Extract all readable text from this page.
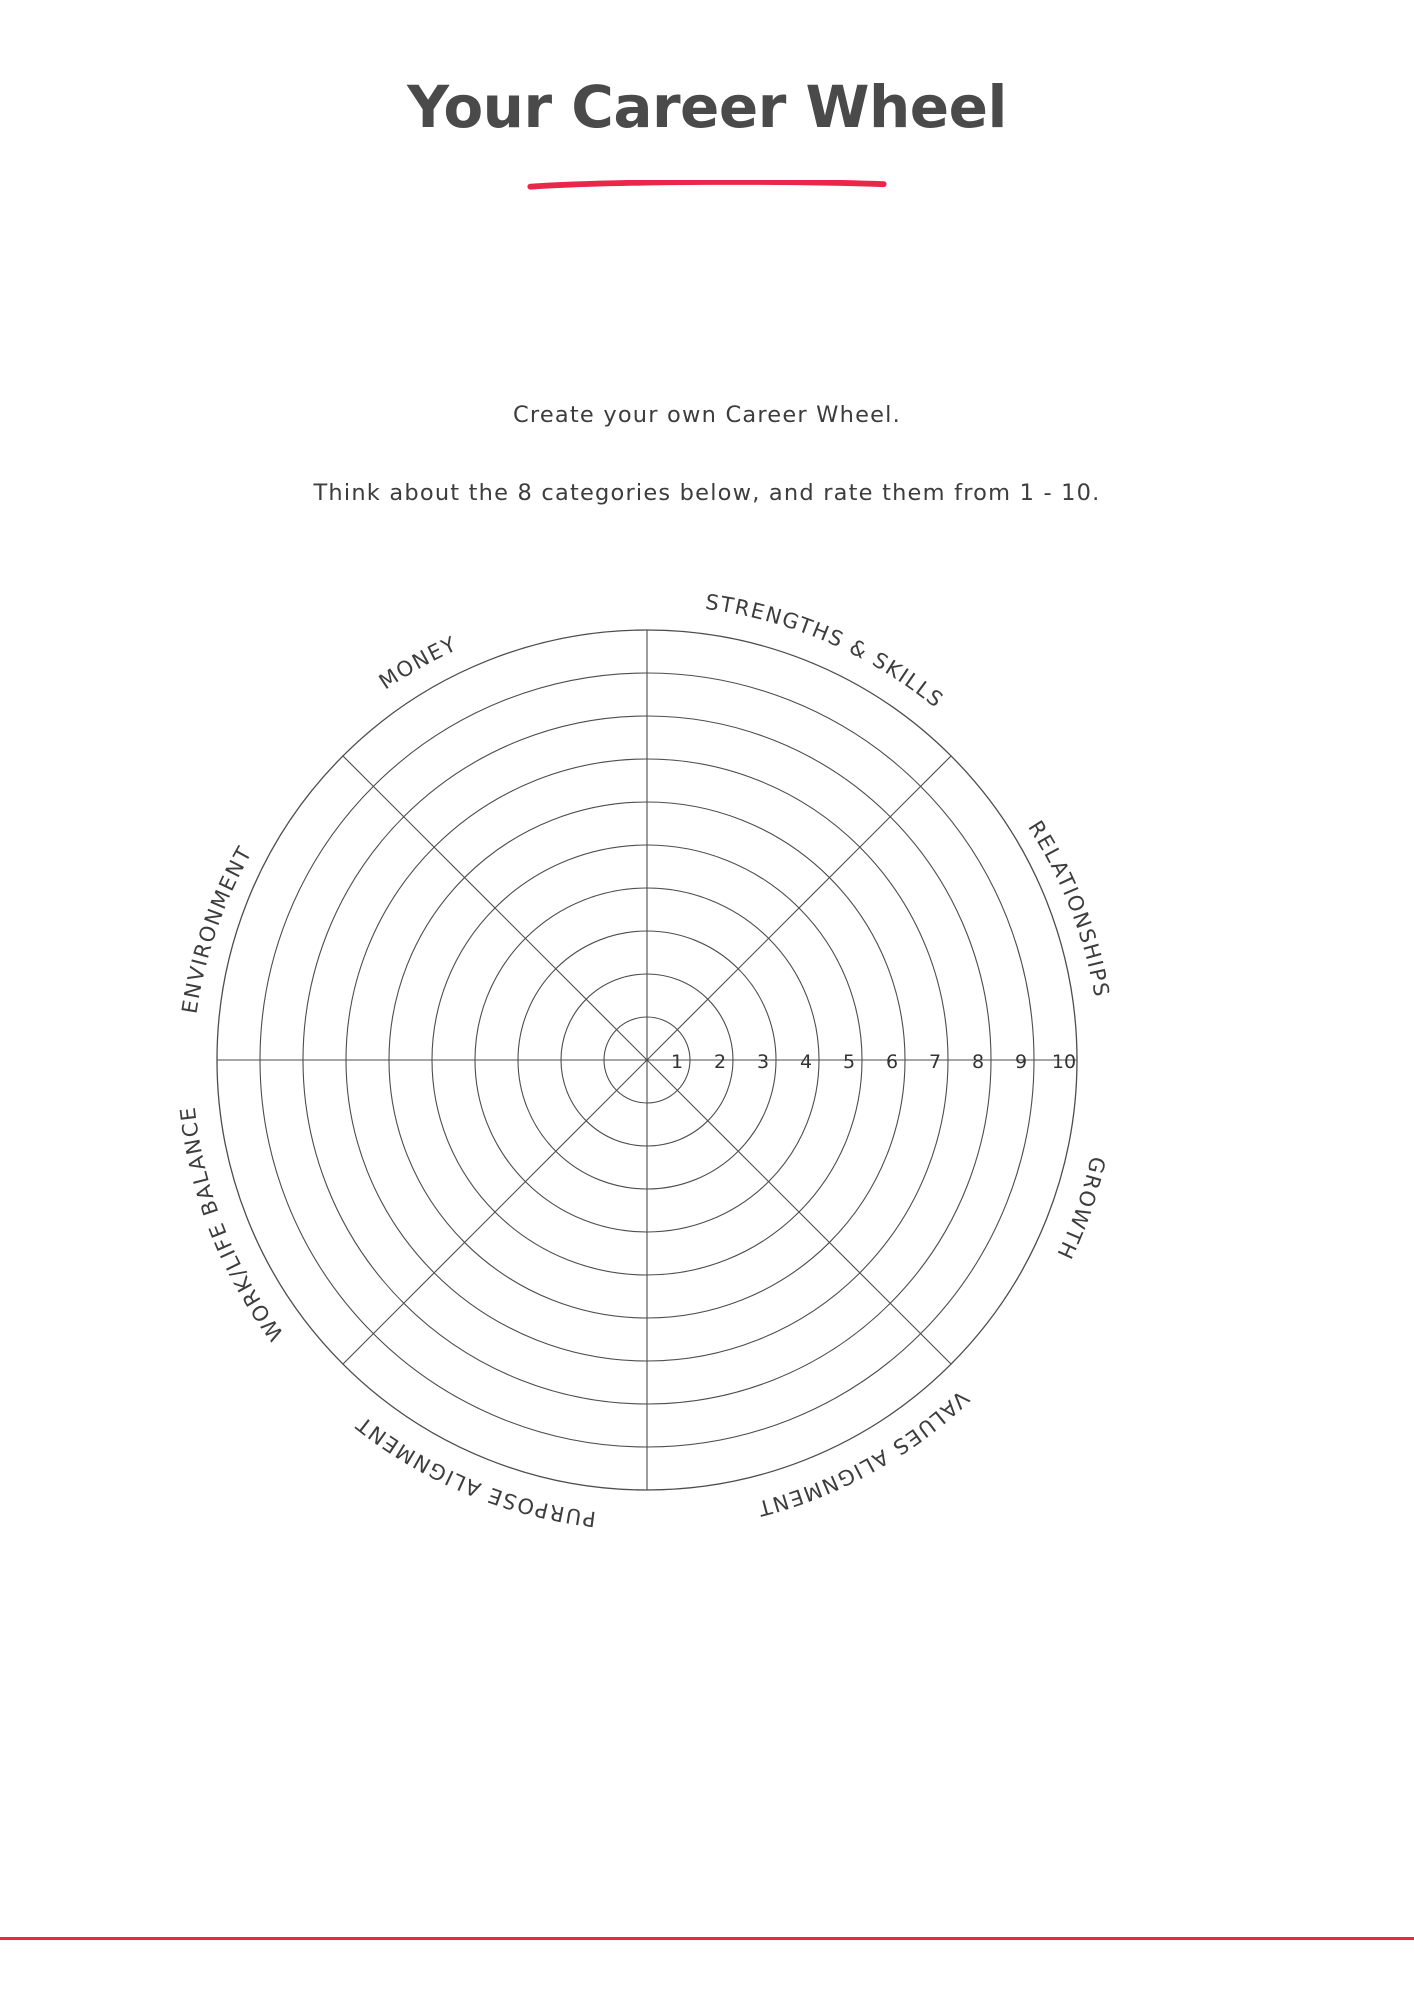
Your Career Wheel

Create your own Career Wheel.

Think about the 8 categories below, and rate them from 1 - 10.

1 2 3 4 5 6 7 8 9 10
STRENGTHS & SKILLS
RELATIONSHIPS
GROWTH
VALUES ALIGNMENT
PURPOSE ALIGNMENT
WORK/LIFE BALANCE
ENVIRONMENT
MONEY
